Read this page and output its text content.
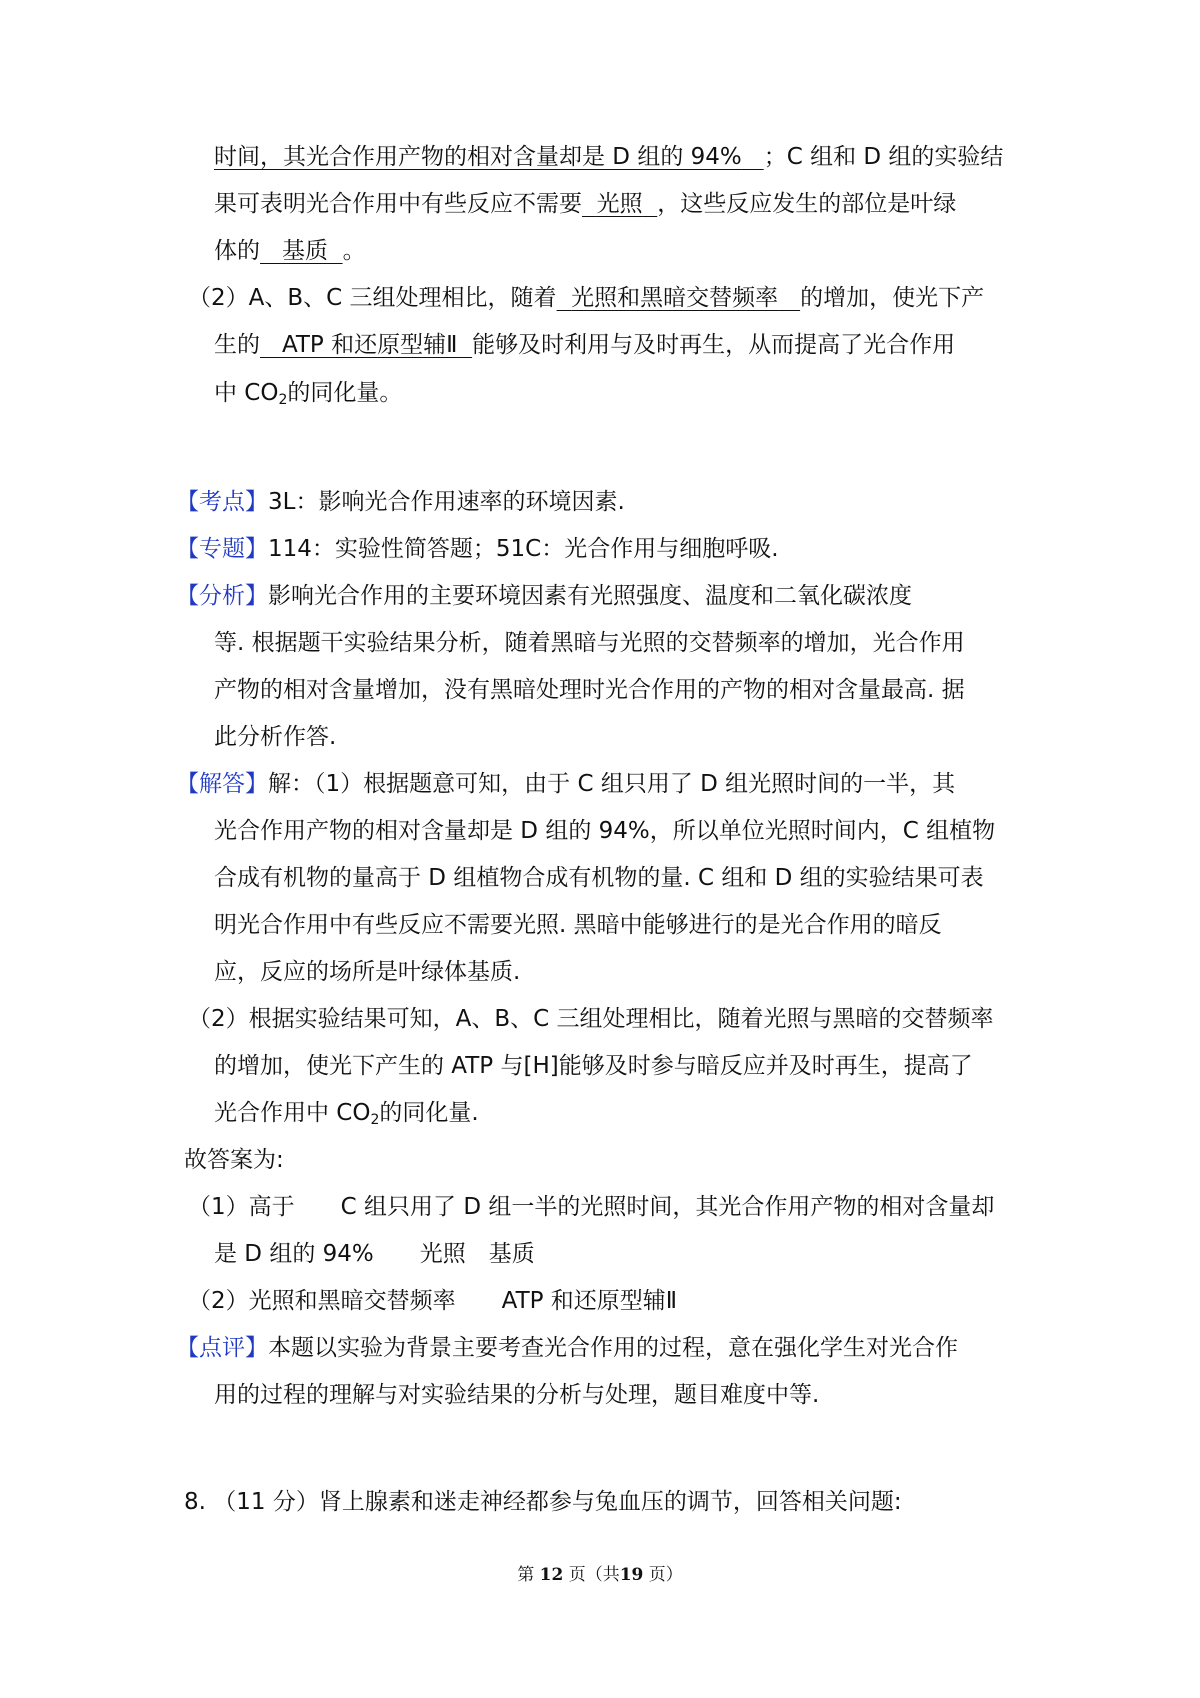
时间，其光合作用产物的相对含量却是 D 组的 94% ；C 组和 D 组的实验结
果可表明光合作用中有些反应不需要 光照 ，这些反应发生的部位是叶绿
体的 基质 。
（2）A、B、C 三组处理相比，随着 光照和黑暗交替频率 的增加，使光下产
生的 ATP 和还原型辅Ⅱ 能够及时利用与及时再生，从而提高了光合作用
中 $CO_2$的同化量。
【考点】3L：影响光合作用速率的环境因素.
【专题】114：实验性简答题；51C：光合作用与细胞呼吸.
【分析】影响光合作用的主要环境因素有光照强度、温度和二氧化碳浓度
等. 根据题干实验结果分析，随着黑暗与光照的交替频率的增加，光合作用
产物的相对含量增加，没有黑暗处理时光合作用的产物的相对含量最高. 据
此分析作答.
【解答】解：（1）根据题意可知，由于 C 组只用了 D 组光照时间的一半，其
光合作用产物的相对含量却是 D 组的 94%，所以单位光照时间内，C 组植物
合成有机物的量高于 D 组植物合成有机物的量. C 组和 D 组的实验结果可表
明光合作用中有些反应不需要光照. 黑暗中能够进行的是光合作用的暗反
应，反应的场所是叶绿体基质.
（2）根据实验结果可知，A、B、C 三组处理相比，随着光照与黑暗的交替频率
的增加，使光下产生的 ATP 与[H]能够及时参与暗反应并及时再生，提高了
光合作用中 $CO_2$的同化量.
故答案为:
（1）高于　　C 组只用了 D 组一半的光照时间，其光合作用产物的相对含量却
是 D 组的 94%　　光照　基质
（2）光照和黑暗交替频率　　ATP 和还原型辅Ⅱ
【点评】本题以实验为背景主要考查光合作用的过程，意在强化学生对光合作
用的过程的理解与对实验结果的分析与处理，题目难度中等.
8. （11 分）肾上腺素和迷走神经都参与兔血压的调节，回答相关问题:
第 12 页（共19 页）
